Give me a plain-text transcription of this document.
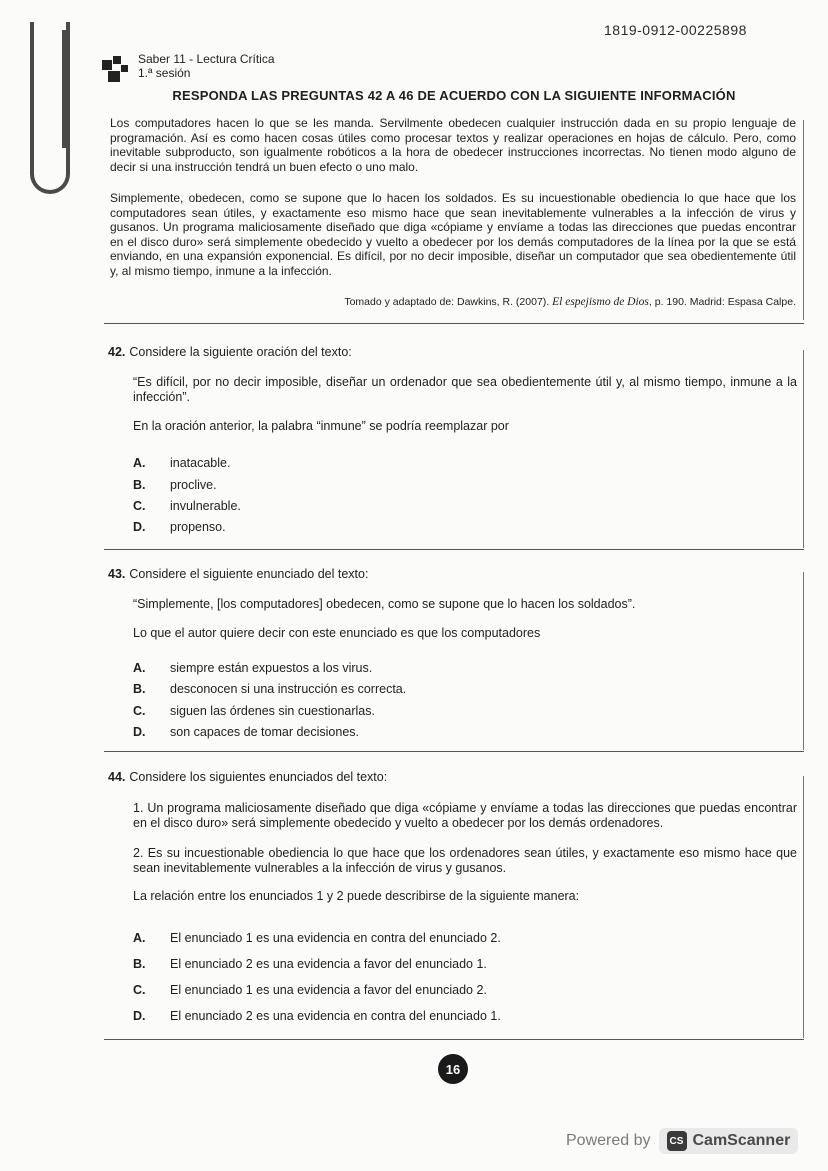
1819-0912-00225898
Saber 11 - Lectura Crítica
1.ª sesión
RESPONDA LAS PREGUNTAS 42 A 46 DE ACUERDO CON LA SIGUIENTE INFORMACIÓN
Los computadores hacen lo que se les manda. Servilmente obedecen cualquier instrucción dada en su propio lenguaje de programación. Así es como hacen cosas útiles como procesar textos y realizar operaciones en hojas de cálculo. Pero, como inevitable subproducto, son igualmente robóticos a la hora de obedecer instrucciones incorrectas. No tienen modo alguno de decir si una instrucción tendrá un buen efecto o uno malo.
Simplemente, obedecen, como se supone que lo hacen los soldados. Es su incuestionable obediencia lo que hace que los computadores sean útiles, y exactamente eso mismo hace que sean inevitablemente vulnerables a la infección de virus y gusanos. Un programa maliciosamente diseñado que diga «cópiame y envíame a todas las direcciones que puedas encontrar en el disco duro» será simplemente obedecido y vuelto a obedecer por los demás computadores de la línea por la que se está enviando, en una expansión exponencial. Es difícil, por no decir imposible, diseñar un computador que sea obedientemente útil y, al mismo tiempo, inmune a la infección.
Tomado y adaptado de: Dawkins, R. (2007). El espejismo de Dios, p. 190. Madrid: Espasa Calpe.
42. Considere la siguiente oración del texto:
“Es difícil, por no decir imposible, diseñar un ordenador que sea obedientemente útil y, al mismo tiempo, inmune a la infección”.
En la oración anterior, la palabra “inmune” se podría reemplazar por
A. inatacable.
B. proclive.
C. invulnerable.
D. propenso.
43. Considere el siguiente enunciado del texto:
“Simplemente, [los computadores] obedecen, como se supone que lo hacen los soldados”.
Lo que el autor quiere decir con este enunciado es que los computadores
A. siempre están expuestos a los virus.
B. desconocen si una instrucción es correcta.
C. siguen las órdenes sin cuestionarlas.
D. son capaces de tomar decisiones.
44. Considere los siguientes enunciados del texto:
1. Un programa maliciosamente diseñado que diga «cópiame y envíame a todas las direcciones que puedas encontrar en el disco duro» será simplemente obedecido y vuelto a obedecer por los demás ordenadores.
2. Es su incuestionable obediencia lo que hace que los ordenadores sean útiles, y exactamente eso mismo hace que sean inevitablemente vulnerables a la infección de virus y gusanos.
La relación entre los enunciados 1 y 2 puede describirse de la siguiente manera:
A. El enunciado 1 es una evidencia en contra del enunciado 2.
B. El enunciado 2 es una evidencia a favor del enunciado 1.
C. El enunciado 1 es una evidencia a favor del enunciado 2.
D. El enunciado 2 es una evidencia en contra del enunciado 1.
16
Powered by	CS CamScanner
